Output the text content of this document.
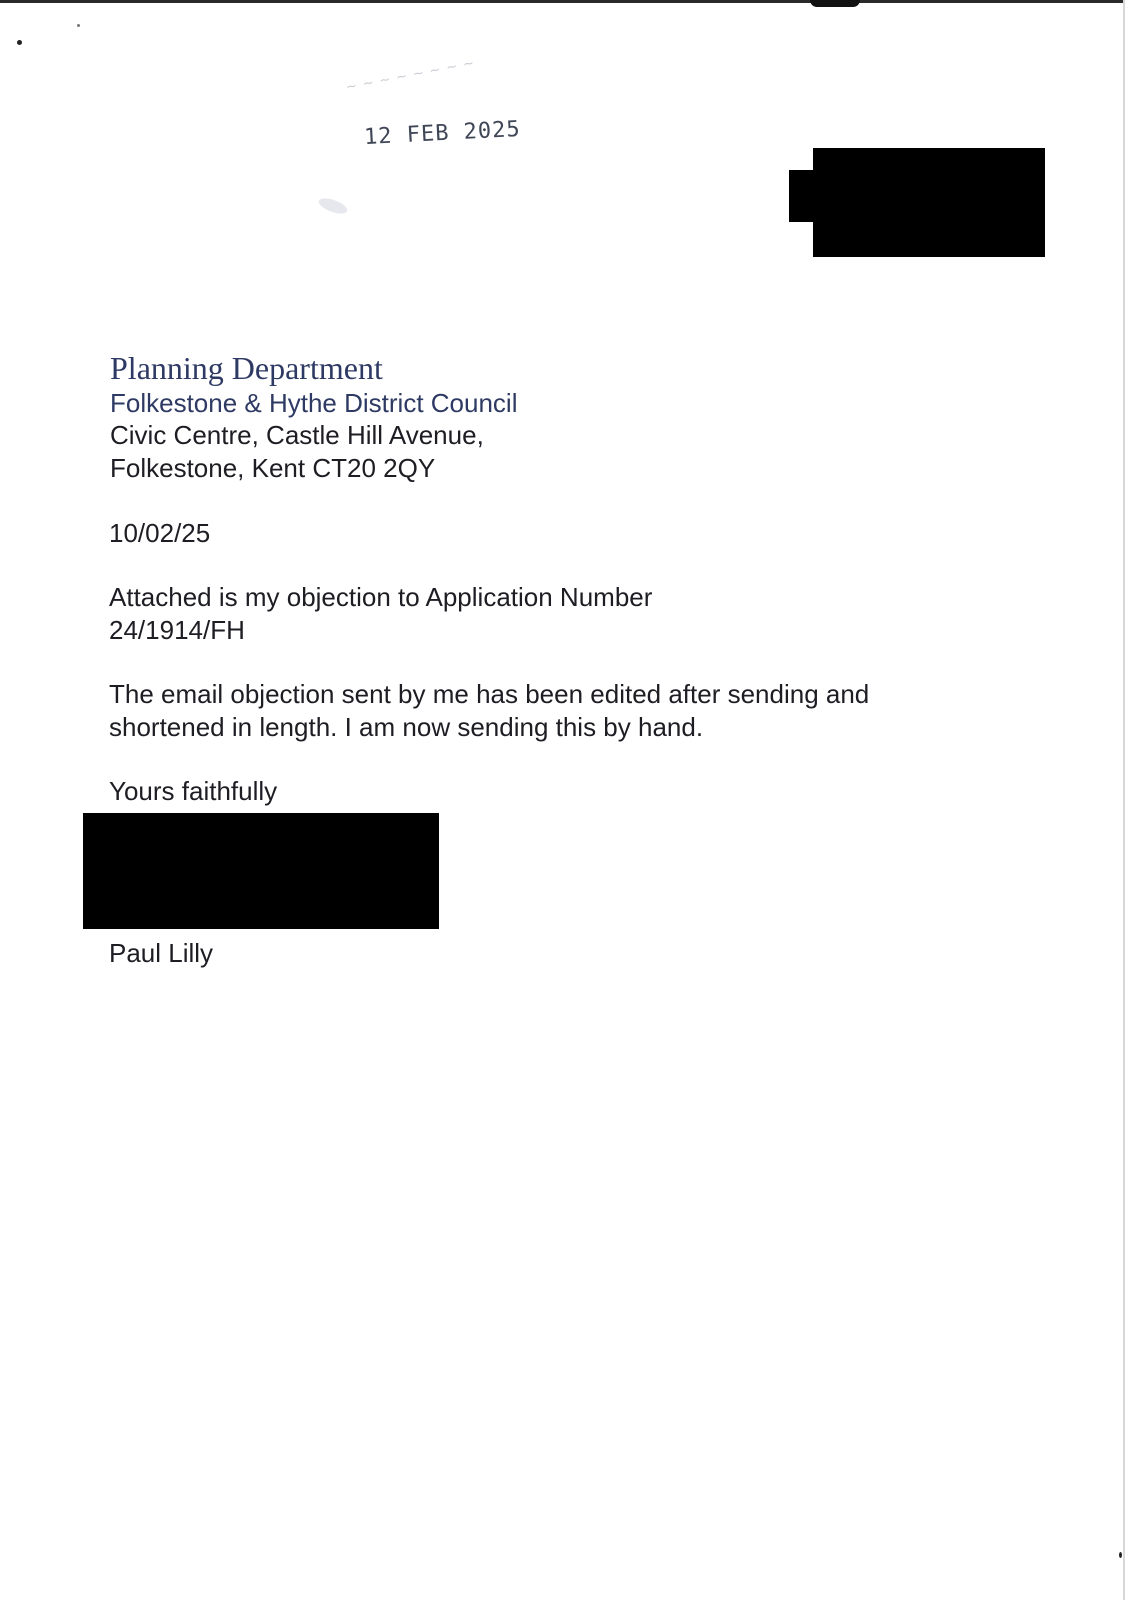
~ ~ ~ ~ ~ ~ ~ ~
12 FEB 2025
Planning Department
Folkestone & Hythe District Council
Civic Centre, Castle Hill Avenue,
Folkestone, Kent CT20 2QY
10/02/25
Attached is my objection to Application Number
24/1914/FH
The email objection sent by me has been edited after sending and
shortened in length. I am now sending this by hand.
Yours faithfully
Paul Lilly
